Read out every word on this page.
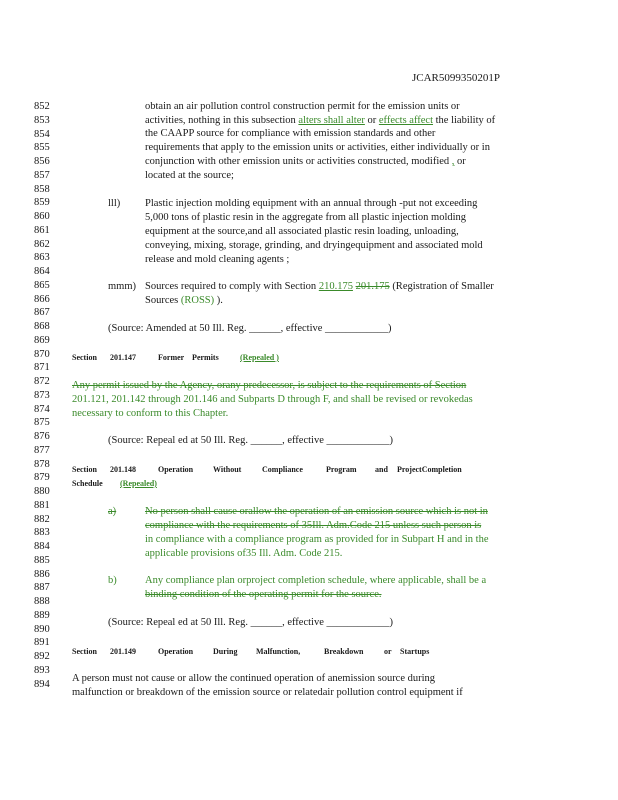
JCAR5099350201P
852
853
854
855
856
857
858
859
860
861
862
863
864
865
866
867
868
869
870
871
872
873
874
875
876
877
878
879
880
881
882
883
884
885
886
887
888
889
890
891
892
893
894
obtain an air pollution control construction permit for the emission units or
activities, nothing in this subsection alters shall alter or effects affect the liability of
the CAAPP source for compliance with emission standards and other
requirements that apply to the emission units or activities, either individually or in
conjunction with other emission units or activities constructed, modified , or
located at the source;
lll) Plastic injection molding equipment with an annual through -put not exceeding
5,000 tons of plastic resin in the aggregate from all plastic injection molding
equipment at the source,and all associated plastic resin loading, unloading,
conveying, mixing, storage, grinding, and dryingequipment and associated mold
release and mold cleaning agents ;
mmm) Sources required to comply with Section 210.175 201.175 (Registration of Smaller
Sources (ROSS) ).
(Source: Amended at 50 Ill. Reg. ______, effective ____________)
Section 201.147	Former Permits	(Repealed )
Any permit issued by the Agency, orany predecessor, is subject to the requirements of Section
201.121, 201.142 through 201.146 and Subparts D through F, and shall be revised or revokedas
necessary to conform to this Chapter.
(Source: Repeal ed at 50 Ill. Reg. ______, effective ____________)
Section 201.148	Operation Without	Compliance	Program and ProjectCompletion
Schedule (Repealed)
a)	No person shall cause orallow the operation of an emission source which is not in
compliance with the requirements of 35Ill. Adm.Code 215 unless such person is
in compliance with a compliance program as provided for in Subpart H and in the
applicable provisions of35 Ill. Adm. Code 215.
b)	Any compliance plan orproject completion schedule, where applicable, shall be a
binding condition of the operating permit for the source.
(Source: Repeal ed at 50 Ill. Reg. ______, effective ____________)
Section 201.149	Operation During Malfunction,	Breakdown	or Startups
A person must not cause or allow the continued operation of anemission source during
malfunction or breakdown of the emission source or relatedair pollution control equipment if
